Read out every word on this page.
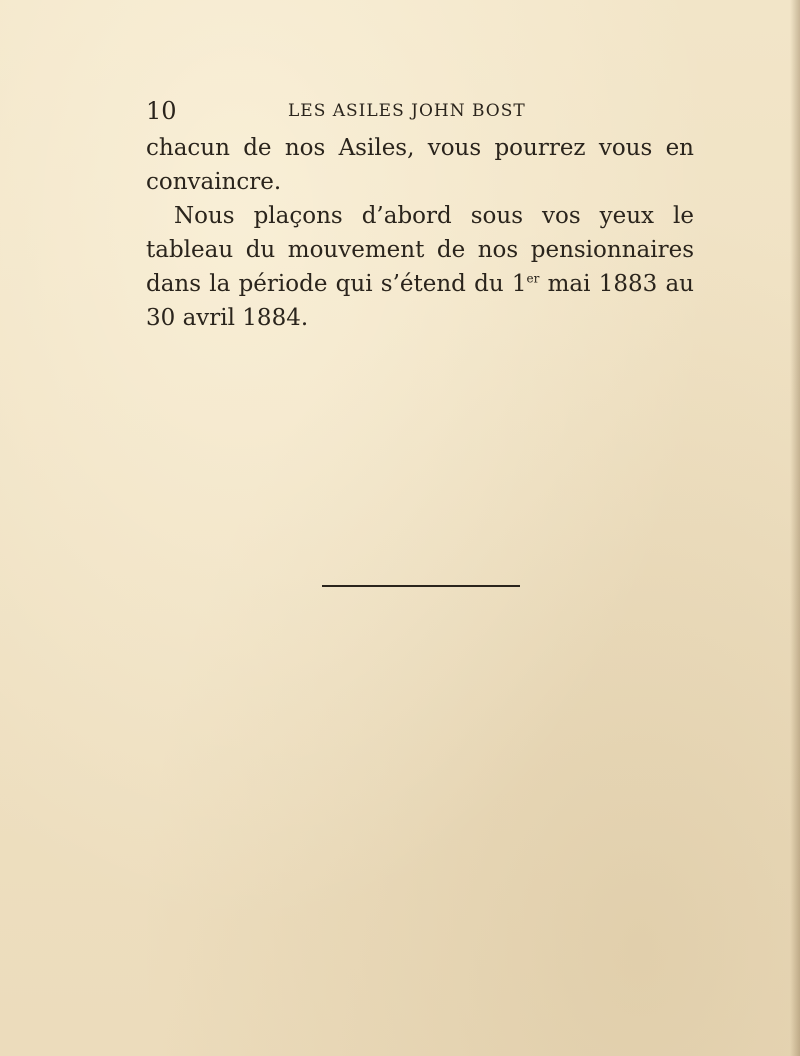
10	LES ASILES JOHN BOST

chacun de nos Asiles, vous pourrez vous en convaincre.

Nous plaçons d’abord sous vos yeux le tableau du mouvement de nos pensionnaires dans la période qui s’étend du 1er mai 1883 au 30 avril 1884.
